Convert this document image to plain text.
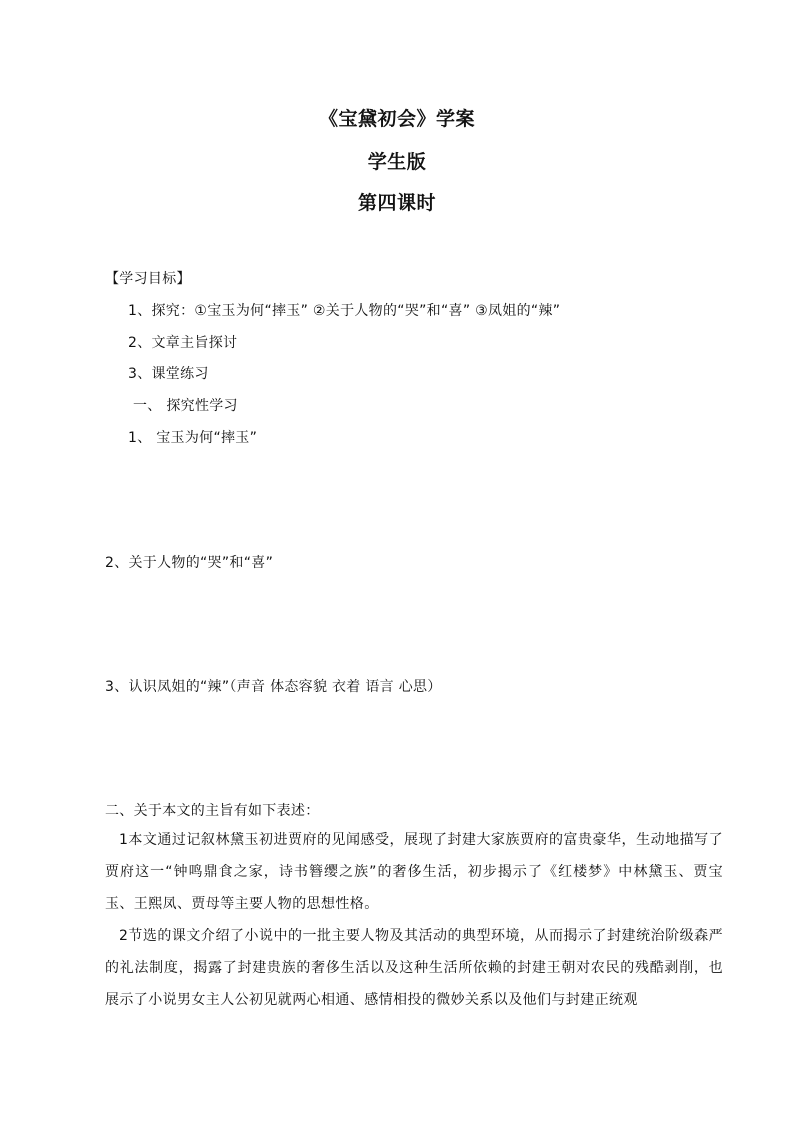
《宝黛初会》学案
学生版
第四课时
【学习目标】
1、探究：①宝玉为何“摔玉” ②关于人物的“哭”和“喜” ③凤姐的“辣”
2、文章主旨探讨
3、课堂练习
一、 探究性学习
1、 宝玉为何“摔玉”
2、关于人物的“哭”和“喜”
3、认识凤姐的“辣”（声音 体态容貌 衣着 语言 心思）
二、关于本文的主旨有如下表述：
1本文通过记叙林黛玉初进贾府的见闻感受，展现了封建大家族贾府的富贵豪华，生动地描写了贾府这一“钟鸣鼎食之家，诗书簪缨之族”的奢侈生活，初步揭示了《红楼梦》中林黛玉、贾宝玉、王熙凤、贾母等主要人物的思想性格。
2节选的课文介绍了小说中的一批主要人物及其活动的典型环境，从而揭示了封建统治阶级森严的礼法制度，揭露了封建贵族的奢侈生活以及这种生活所依赖的封建王朝对农民的残酷剥削，也展示了小说男女主人公初见就两心相通、感情相投的微妙关系以及他们与封建正统观
